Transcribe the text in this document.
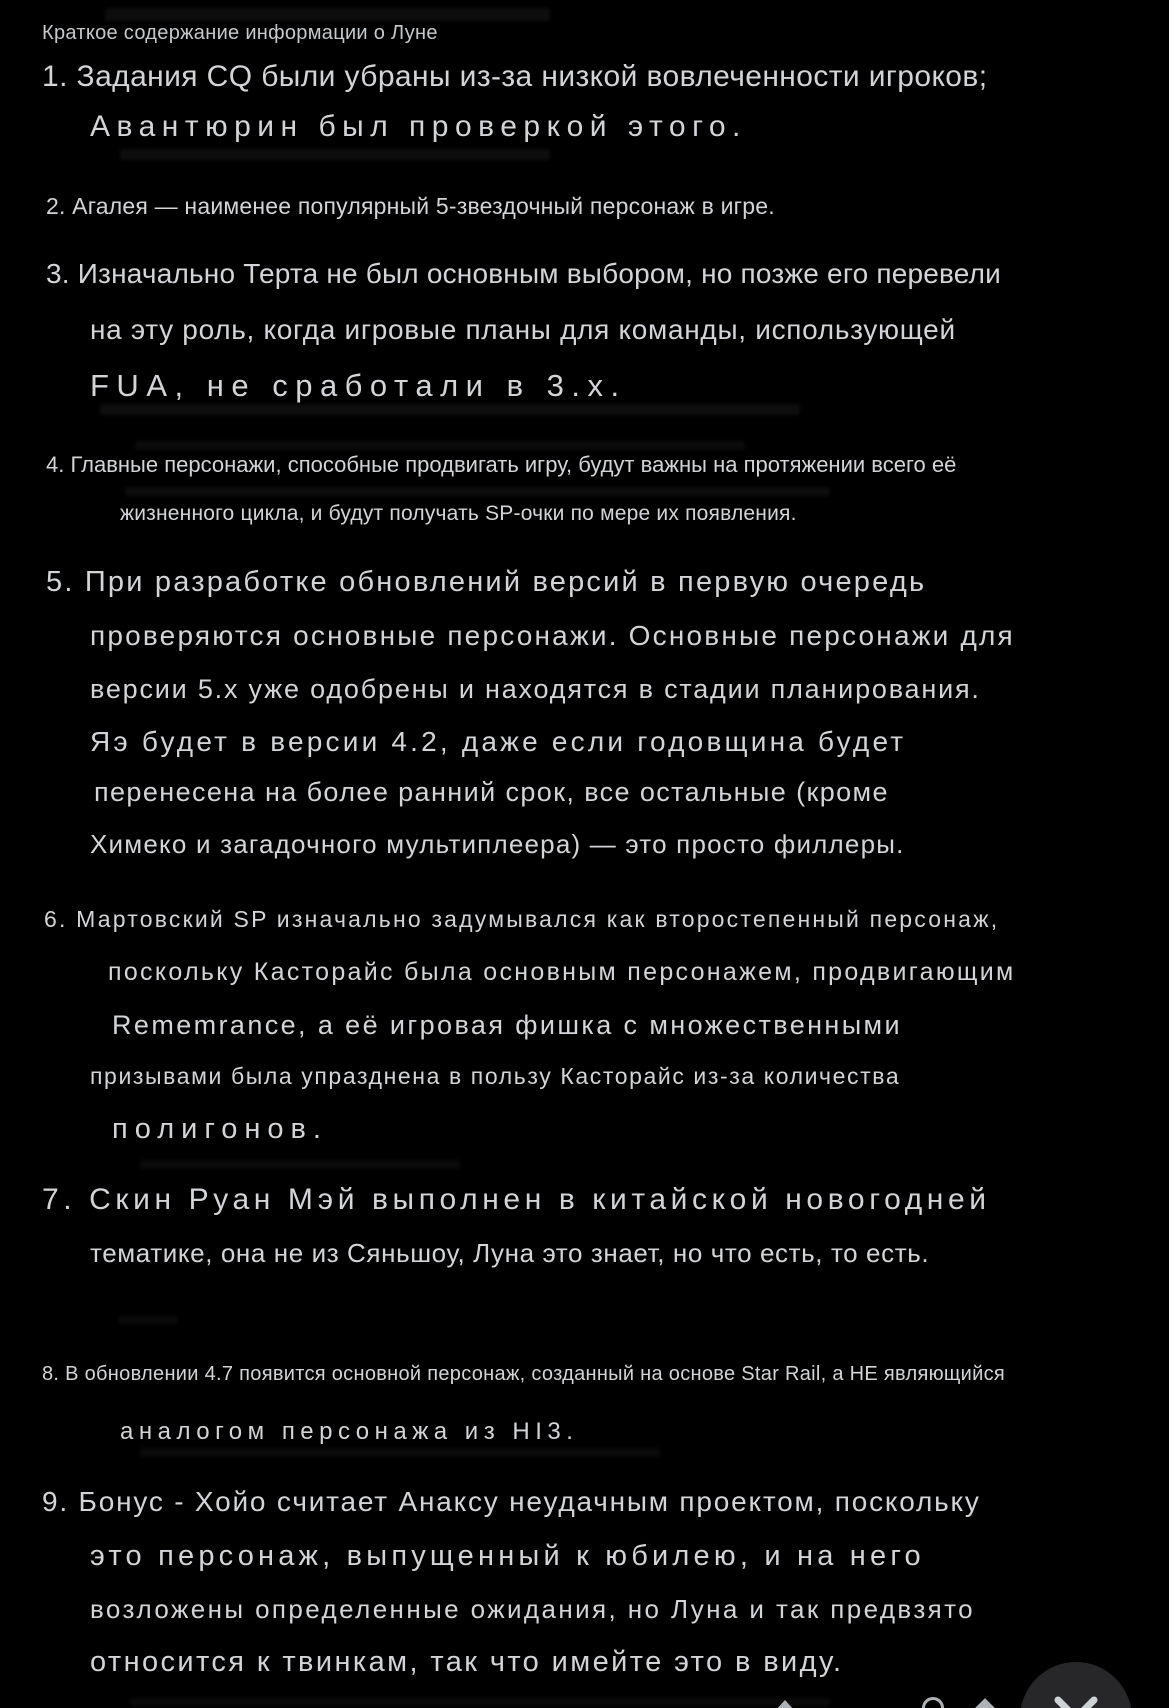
Краткое содержание информации о Луне
1. Задания CQ были убраны из-за низкой вовлеченности игроков;
Авантюрин был проверкой этого.
2. Агалея — наименее популярный 5-звездочный персонаж в игре.
3. Изначально Терта не был основным выбором, но позже его перевели
на эту роль, когда игровые планы для команды, использующей
FUA, не сработали в 3.x.
4. Главные персонажи, способные продвигать игру, будут важны на протяжении всего её
жизненного цикла, и будут получать SP-очки по мере их появления.
5. При разработке обновлений версий в первую очередь
проверяются основные персонажи. Основные персонажи для
версии 5.x уже одобрены и находятся в стадии планирования.
Яэ будет в версии 4.2, даже если годовщина будет
перенесена на более ранний срок, все остальные (кроме
Химеко и загадочного мультиплеера) — это просто филлеры.
6. Мартовский SP изначально задумывался как второстепенный персонаж,
поскольку Касторайс была основным персонажем, продвигающим
Rememrance, а её игровая фишка с множественными
призывами была упразднена в пользу Касторайс из-за количества
полигонов.
7. Скин Руан Мэй выполнен в китайской новогодней
тематике, она не из Сяньшоу, Луна это знает, но что есть, то есть.
8. В обновлении 4.7 появится основной персонаж, созданный на основе Star Rail, а НЕ являющийся
аналогом персонажа из HI3.
9. Бонус - Хойо считает Анаксу неудачным проектом, поскольку
это персонаж, выпущенный к юбилею, и на него
возложены определенные ожидания, но Луна и так предвзято
относится к твинкам, так что имейте это в виду.
